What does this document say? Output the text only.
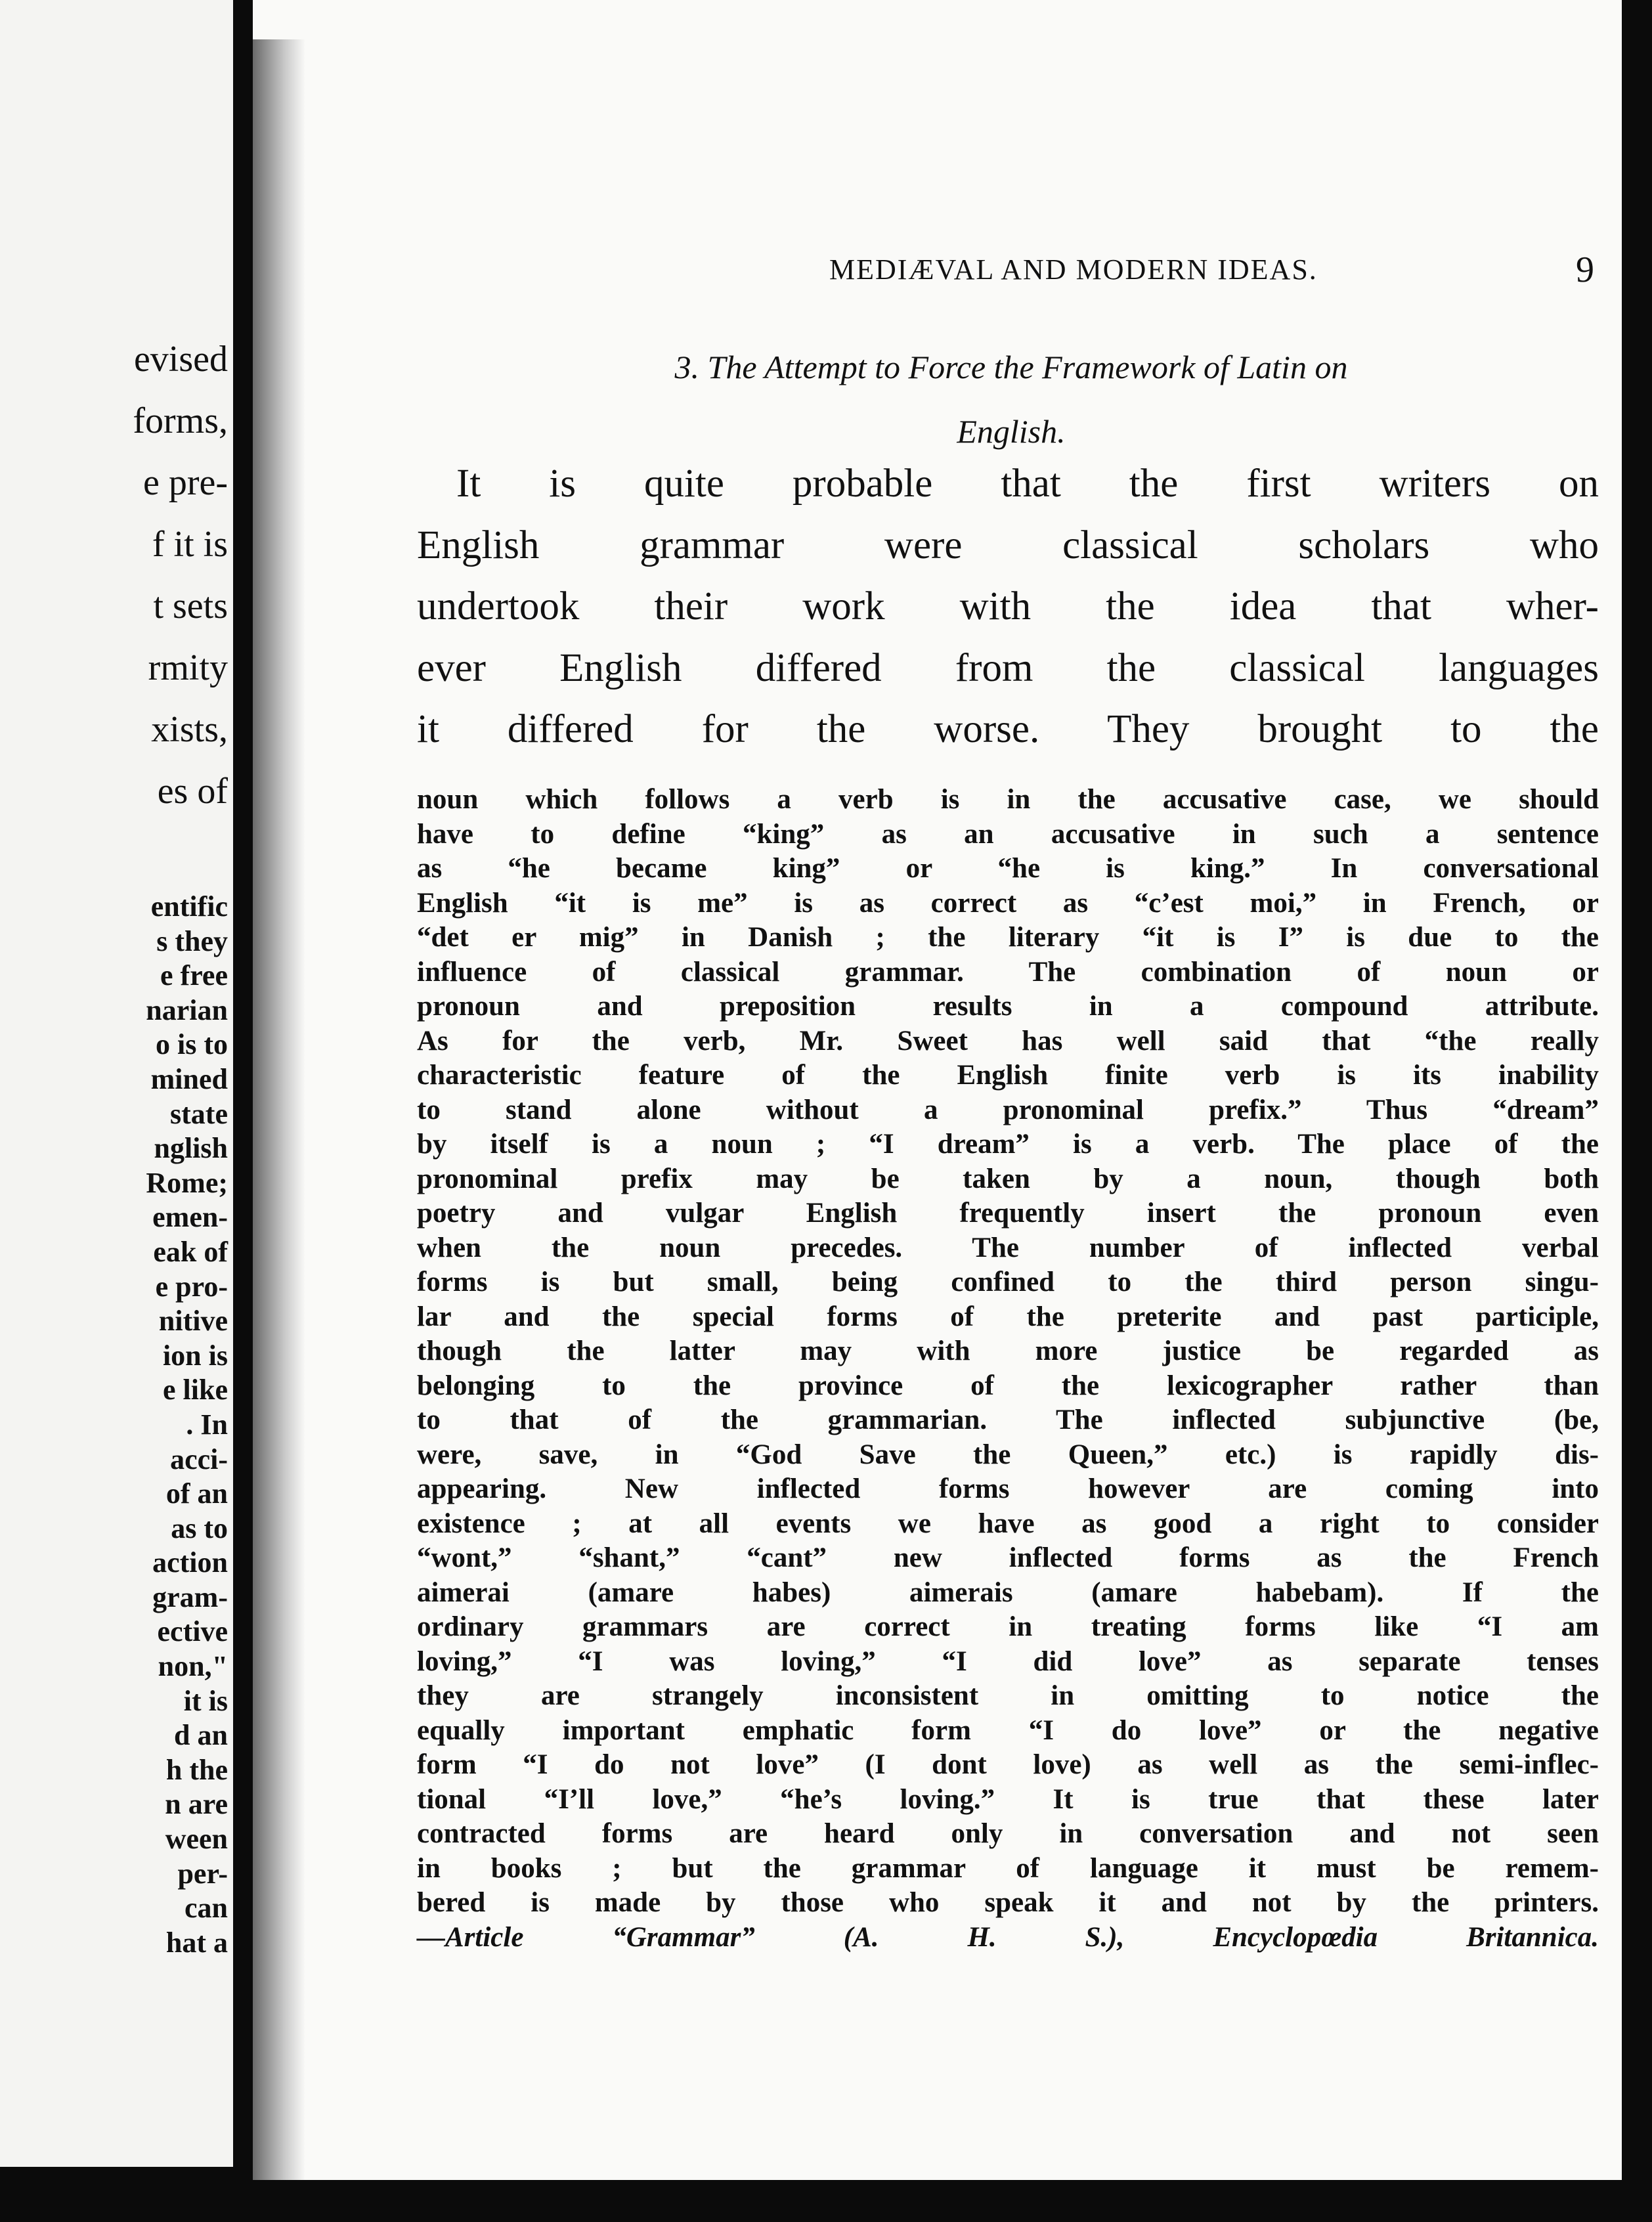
evised
forms,
e pre-
f it is
t sets
rmity
xists,
es of
entific
s they
e free
narian
o is to
mined
state
nglish
Rome;
emen-
eak of
e pro-
nitive
ion is
e like
. In
acci-
of an
as to
action
gram-
ective
non,"
it is
d an
h the
n are
ween
per-
can
hat a
MEDIÆVAL AND MODERN IDEAS.	9
3. The Attempt to Force the Framework of Latin on
English.
It is quite probable that the first writers on
English grammar were classical scholars who
undertook their work with the idea that wher-
ever English differed from the classical languages
it differed for the worse. They brought to the
noun which follows a verb is in the accusative case, we should
have to define “king” as an accusative in such a sentence
as “he became king” or “he is king.” In conversational
English “it is me” is as correct as “c’est moi,” in French, or
“det er mig” in Danish ; the literary “it is I” is due to the
influence of classical grammar. The combination of noun or
pronoun and preposition results in a compound attribute.
As for the verb, Mr. Sweet has well said that “the really
characteristic feature of the English finite verb is its inability
to stand alone without a pronominal prefix.” Thus “dream”
by itself is a noun ; “I dream” is a verb. The place of the
pronominal prefix may be taken by a noun, though both
poetry and vulgar English frequently insert the pronoun even
when the noun precedes. The number of inflected verbal
forms is but small, being confined to the third person singu-
lar and the special forms of the preterite and past participle,
though the latter may with more justice be regarded as
belonging to the province of the lexicographer rather than
to that of the grammarian. The inflected subjunctive (be,
were, save, in “God Save the Queen,” etc.) is rapidly dis-
appearing. New inflected forms however are coming into
existence ; at all events we have as good a right to consider
“wont,” “shant,” “cant” new inflected forms as the French
aimerai (amare habes) aimerais (amare habebam). If the
ordinary grammars are correct in treating forms like “I am
loving,” “I was loving,” “I did love” as separate tenses
they are strangely inconsistent in omitting to notice the
equally important emphatic form “I do love” or the negative
form “I do not love” (I dont love) as well as the semi-inflec-
tional “I’ll love,” “he’s loving.” It is true that these later
contracted forms are heard only in conversation and not seen
in books ; but the grammar of language it must be remem-
bered is made by those who speak it and not by the printers.
—Article “Grammar” (A. H. S.), Encyclopœdia Britannica.
